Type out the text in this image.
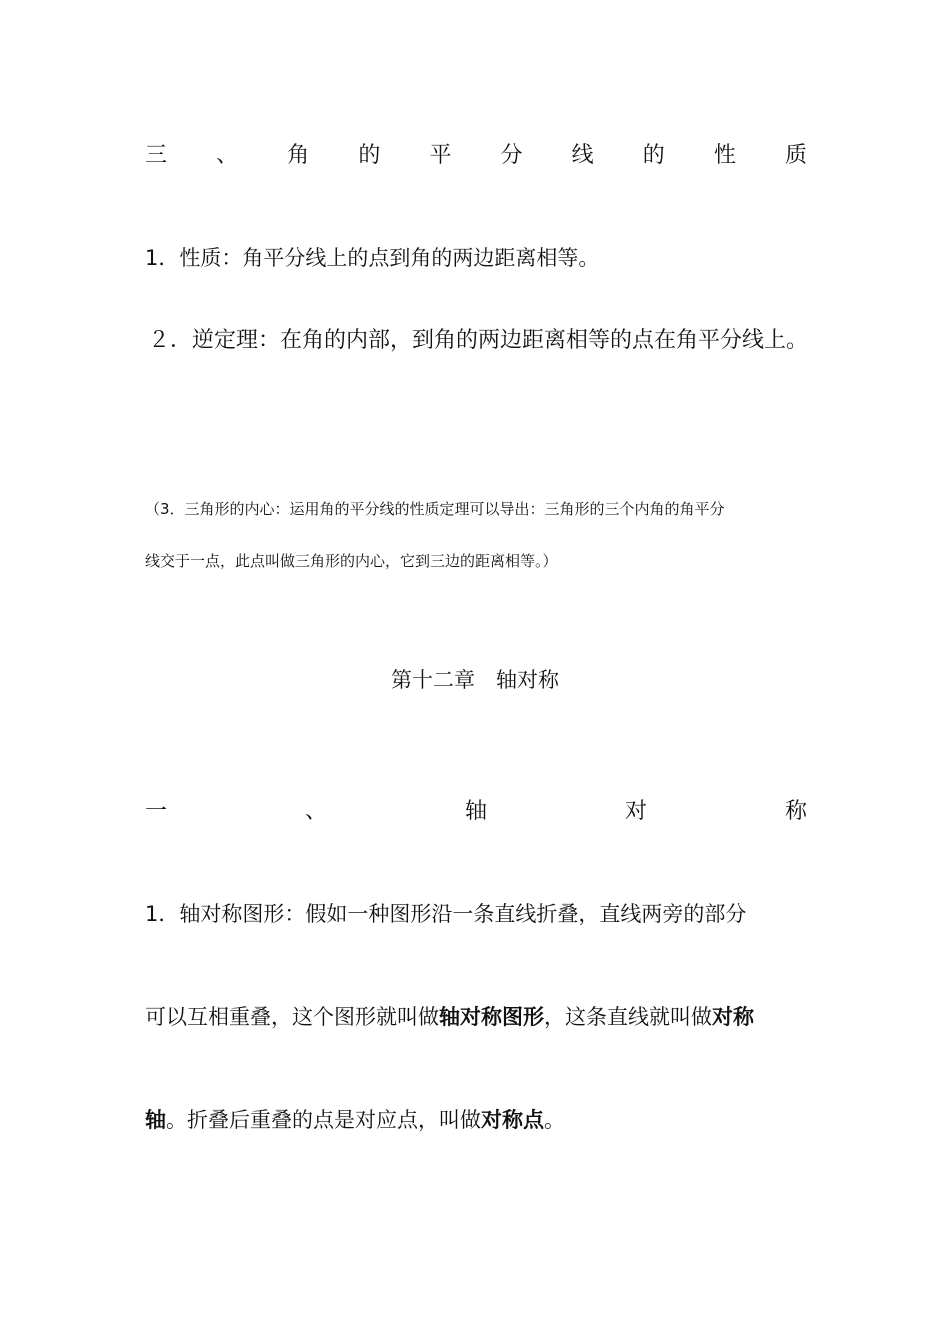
三 、 角 的 平 分 线 的 性 质
1．性质：角平分线上的点到角的两边距离相等。
２．逆定理：在角的内部，到角的两边距离相等的点在角平分线上。
（3．三角形的内心：运用角的平分线的性质定理可以导出：三角形的三个内角的角平分
线交于一点，此点叫做三角形的内心，它到三边的距离相等。）
第十二章　轴对称
一	、	轴	对	称
1．轴对称图形：假如一种图形沿一条直线折叠，直线两旁的部分
可以互相重叠，这个图形就叫做轴对称图形，这条直线就叫做对称
轴。折叠后重叠的点是对应点，叫做对称点。
